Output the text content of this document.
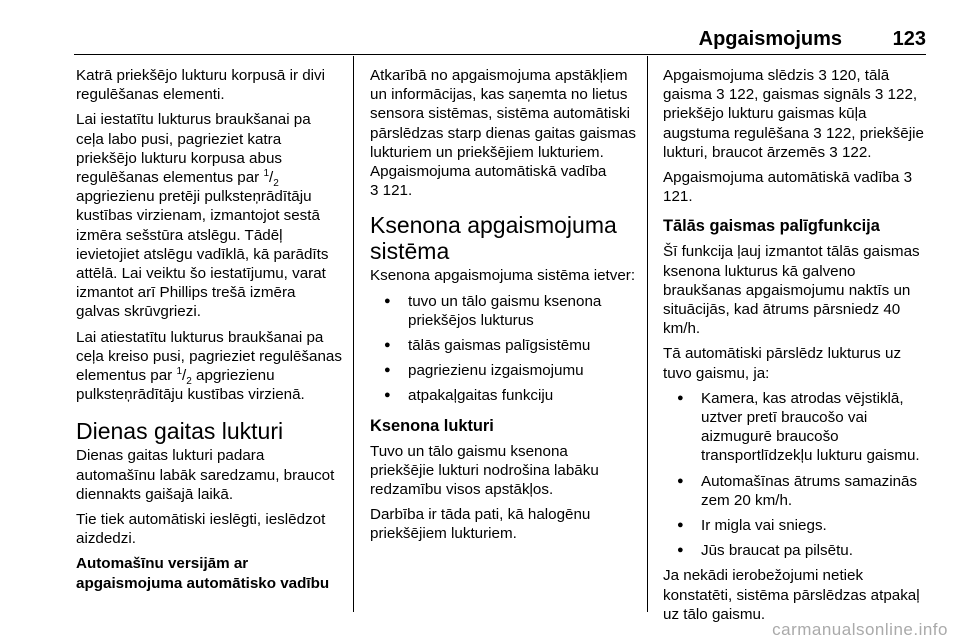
Apgaismojums	123

Katrā priekšējo lukturu korpusā ir divi regulēšanas elementi.

Lai iestatītu lukturus braukšanai pa ceļa labo pusi, pagrieziet katra priekšējo lukturu korpusa abus regulēšanas elementus par $^1/_2$ apgriezienu pretēji pulksteņrādītāju kustības virzienam, izmantojot sestā izmēra sešstūra atslēgu. Tādēļ ievietojiet atslēgu vadīklā, kā parādīts attēlā. Lai veiktu šo iestatījumu, varat izmantot arī Phillips trešā izmēra galvas skrūvgriezi.

Lai atiestatītu lukturus braukšanai pa ceļa kreiso pusi, pagrieziet regulēšanas elementus par $^1/_2$ apgriezienu pulksteņrādītāju kustības virzienā.

Dienas gaitas lukturi

Dienas gaitas lukturi padara automašīnu labāk saredzamu, braucot diennakts gaišajā laikā.

Tie tiek automātiski ieslēgti, ieslēdzot aizdedzi.

Automašīnu versijām ar apgaismojuma automātisko vadību

Atkarībā no apgaismojuma apstākļiem un informācijas, kas saņemta no lietus sensora sistēmas, sistēma automātiski pārslēdzas starp dienas gaitas gaismas lukturiem un priekšējiem lukturiem.

Apgaismojuma automātiskā vadība
3 121.

Ksenona apgaismojuma sistēma

Ksenona apgaismojuma sistēma ietver:

● tuvo un tālo gaismu ksenona priekšējos lukturus
● tālās gaismas palīgsistēmu
● pagriezienu izgaismojumu
● atpakaļgaitas funkciju
Ksenona lukturi

Tuvo un tālo gaismu ksenona priekšējie lukturi nodrošina labāku redzamību visos apstākļos.

Darbība ir tāda pati, kā halogēnu priekšējiem lukturiem.

Apgaismojuma slēdzis 3 120, tālā gaisma 3 122, gaismas signāls 3 122, priekšējo lukturu gaismas kūļa augstuma regulēšana 3 122, priekšējie lukturi, braucot ārzemēs 3 122.

Apgaismojuma automātiskā vadība 3 121.

Tālās gaismas palīgfunkcija

Šī funkcija ļauj izmantot tālās gaismas ksenona lukturus kā galveno braukšanas apgaismojumu naktīs un situācijās, kad ātrums pārsniedz 40 km/h.

Tā automātiski pārslēdz lukturus uz tuvo gaismu, ja:

● Kamera, kas atrodas vējstiklā, uztver pretī braucošo vai aizmugurē braucošo transportlīdzekļu lukturu gaismu.
● Automašīnas ātrums samazinās zem 20 km/h.
● Ir migla vai sniegs.
● Jūs braucat pa pilsētu.

Ja nekādi ierobežojumi netiek konstatēti, sistēma pārslēdzas atpakaļ uz tālo gaismu.

carmanualsonline.info
